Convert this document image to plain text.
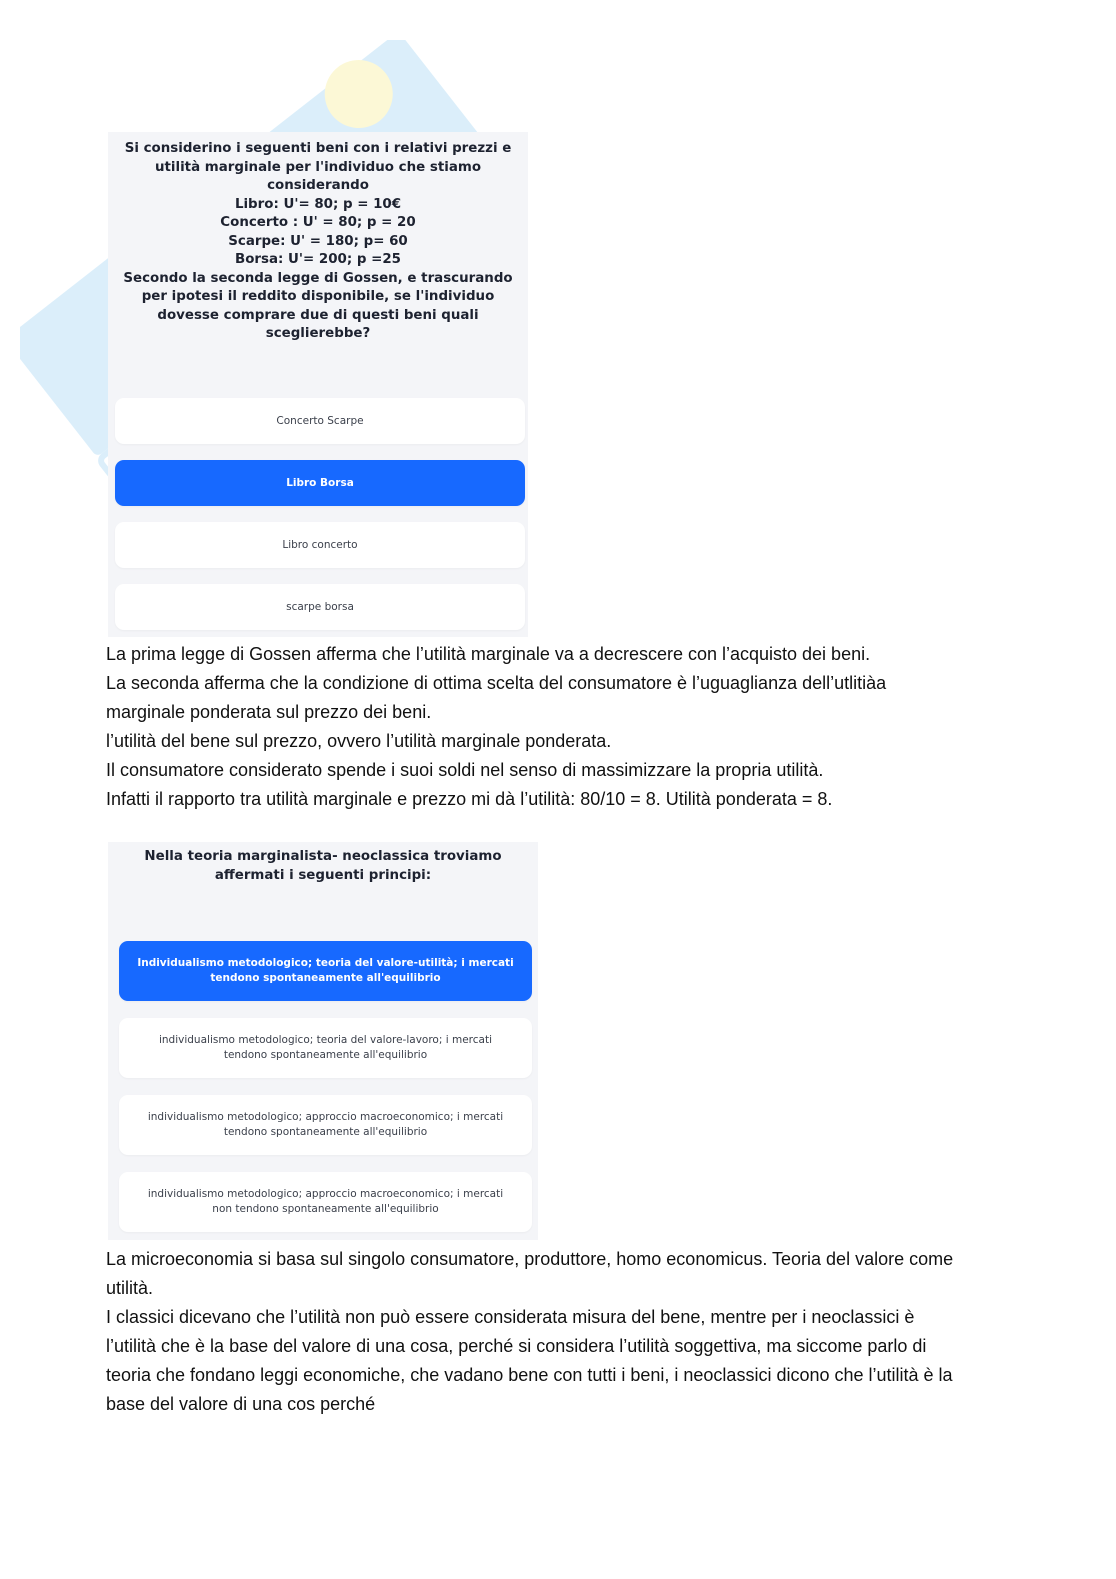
Si considerino i seguenti beni con i relativi prezzi e
utilità marginale per l'individuo che stiamo
considerando
Libro: U'= 80; p = 10€
Concerto : U' = 80; p = 20
Scarpe: U' = 180; p= 60
Borsa: U'= 200; p =25
Secondo la seconda legge di Gossen, e trascurando
per ipotesi il reddito disponibile, se l'individuo
dovesse comprare due di questi beni quali
sceglierebbe?
Concerto Scarpe
Libro Borsa
Libro concerto
scarpe borsa

La prima legge di Gossen afferma che l’utilità marginale va a decrescere con l’acquisto dei beni.

La seconda afferma che la condizione di ottima scelta del consumatore è l’uguaglianza dell’utlitiàa

marginale ponderata sul prezzo dei beni.

l’utilità del bene sul prezzo, ovvero l’utilità marginale ponderata.

Il consumatore considerato spende i suoi soldi nel senso di massimizzare la propria utilità.

Infatti il rapporto tra utilità marginale e prezzo mi dà l’utilità: 80/10 = 8. Utilità ponderata = 8.

Nella teoria marginalista- neoclassica troviamo
affermati i seguenti principi:
Individualismo metodologico; teoria del valore-utilità; i mercati tendono spontaneamente all'equilibrio
individualismo metodologico; teoria del valore-lavoro; i mercati tendono spontaneamente all'equilibrio
individualismo metodologico; approccio macroeconomico; i mercati tendono spontaneamente all'equilibrio
individualismo metodologico; approccio macroeconomico; i mercati non tendono spontaneamente all'equilibrio

La microeconomia si basa sul singolo consumatore, produttore, homo economicus. Teoria del valore come

utilità.

I classici dicevano che l’utilità non può essere considerata misura del bene, mentre per i neoclassici è

l’utilità che è la base del valore di una cosa, perché si considera l’utilità soggettiva, ma siccome parlo di

teoria che fondano leggi economiche, che vadano bene con tutti i beni, i neoclassici dicono che l’utilità è la

base del valore di una cos perché
